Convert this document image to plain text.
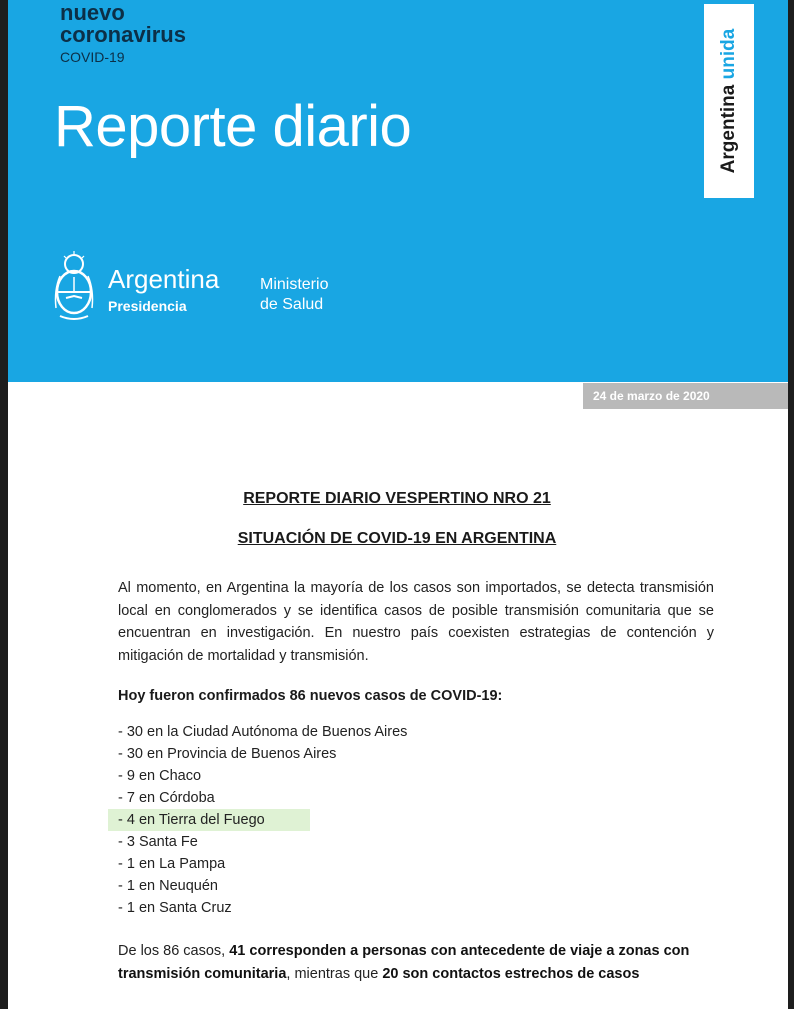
nuevo
coronavirus
COVID-19
Reporte diario	Argentina unida
Argentina
Presidencia
Ministerio
de Salud
24 de marzo de 2020
REPORTE DIARIO VESPERTINO NRO 21
SITUACIÓN DE COVID-19 EN ARGENTINA
Al momento, en Argentina la mayoría de los casos son importados, se detecta transmisión local en conglomerados y se identifica casos de posible transmisión comunitaria que se encuentran en investigación. En nuestro país coexisten estrategias de contención y mitigación de mortalidad y transmisión.
Hoy fueron confirmados 86 nuevos casos de COVID-19:
- 30 en la Ciudad Autónoma de Buenos Aires
- 30 en Provincia de Buenos Aires
- 9 en Chaco
- 7 en Córdoba
- 4 en Tierra del Fuego
- 3 Santa Fe
- 1 en La Pampa
- 1 en Neuquén
- 1 en Santa Cruz
De los 86 casos, 41 corresponden a personas con antecedente de viaje a zonas con transmisión comunitaria, mientras que 20 son contactos estrechos de casos
